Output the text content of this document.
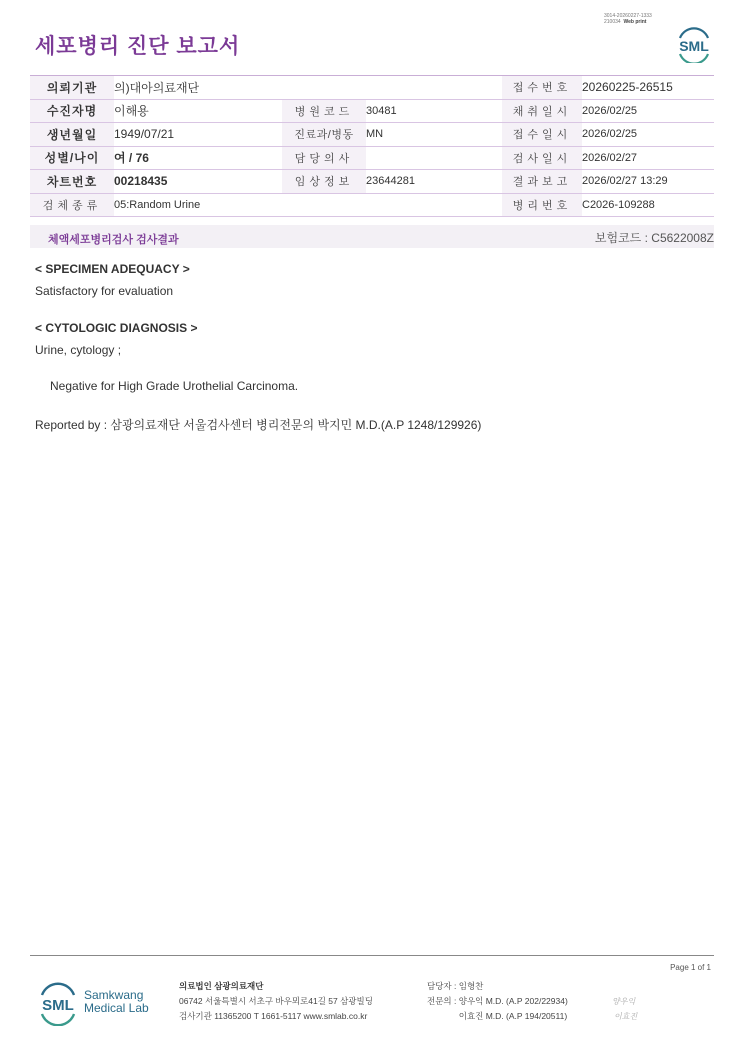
세포병리 진단 보고서
3014-20260227-1333
210034 Web print
SML
의뢰기관	의)대아의료재단			접수번호	20260225-26515
수진자명	이해용	병원코드	30481	채취일시	2026/02/25
생년월일	1949/07/21	진료과/병동	MN	접수일시	2026/02/25
성별/나이	여 / 76	담당의사		검사일시	2026/02/27
차트번호	00218435	임상정보	23644281	결과보고	2026/02/27 13:29
검체종류	05:Random Urine			병리번호	C2026-109288
체액세포병리검사 검사결과	보험코드 : C5622008Z
< SPECIMEN ADEQUACY >
Satisfactory for evaluation
< CYTOLOGIC DIAGNOSIS >
Urine, cytology ;
Negative for High Grade Urothelial Carcinoma.
Reported by : 삼광의료재단 서울검사센터 병리전문의 박지민 M.D.(A.P 1248/129926)
Page 1 of 1
SML
Samkwang
Medical Lab
의료법인 삼광의료재단
06742 서울특별시 서초구 바우뫼로41길 57 삼광빌딩
검사기관 11365200 T 1661-5117 www.smlab.co.kr
담당자 : 임형찬
전문의 : 양우익 M.D. (A.P 202/22934)
이효진 M.D. (A.P 194/20511)
양우익
이효진
